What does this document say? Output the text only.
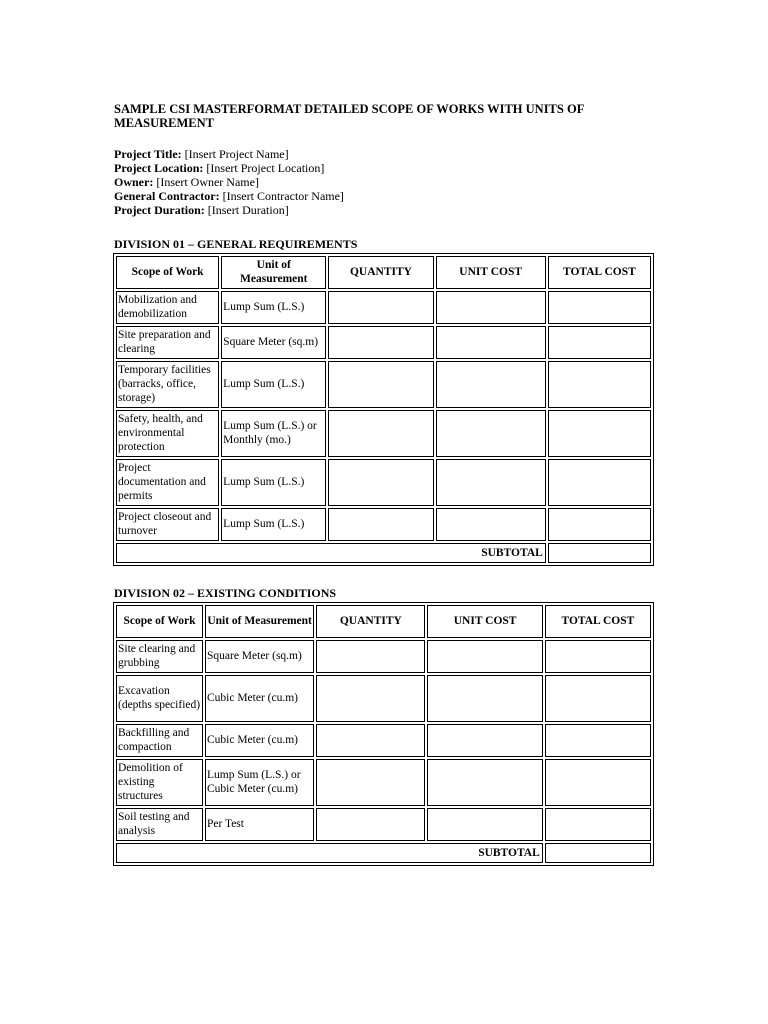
SAMPLE CSI MASTERFORMAT DETAILED SCOPE OF WORKS WITH UNITS OF MEASUREMENT
Project Title: [Insert Project Name]
Project Location: [Insert Project Location]
Owner: [Insert Owner Name]
General Contractor: [Insert Contractor Name]
Project Duration: [Insert Duration]
DIVISION 01 – GENERAL REQUIREMENTS
Scope of Work	Unit of Measurement	QUANTITY	UNIT COST	TOTAL COST
Mobilization and demobilization	Lump Sum (L.S.)			
Site preparation and clearing	Square Meter (sq.m)			
Temporary facilities (barracks, office, storage)	Lump Sum (L.S.)			
Safety, health, and environmental protection	Lump Sum (L.S.) or Monthly (mo.)			
Project documentation and permits	Lump Sum (L.S.)			
Project closeout and turnover	Lump Sum (L.S.)			
SUBTOTAL				
DIVISION 02 – EXISTING CONDITIONS
Scope of Work	Unit of Measurement	QUANTITY	UNIT COST	TOTAL COST
Site clearing and grubbing	Square Meter (sq.m)			
Excavation (depths specified)	Cubic Meter (cu.m)			
Backfilling and compaction	Cubic Meter (cu.m)			
Demolition of existing structures	Lump Sum (L.S.) or Cubic Meter (cu.m)			
Soil testing and analysis	Per Test			
SUBTOTAL				
